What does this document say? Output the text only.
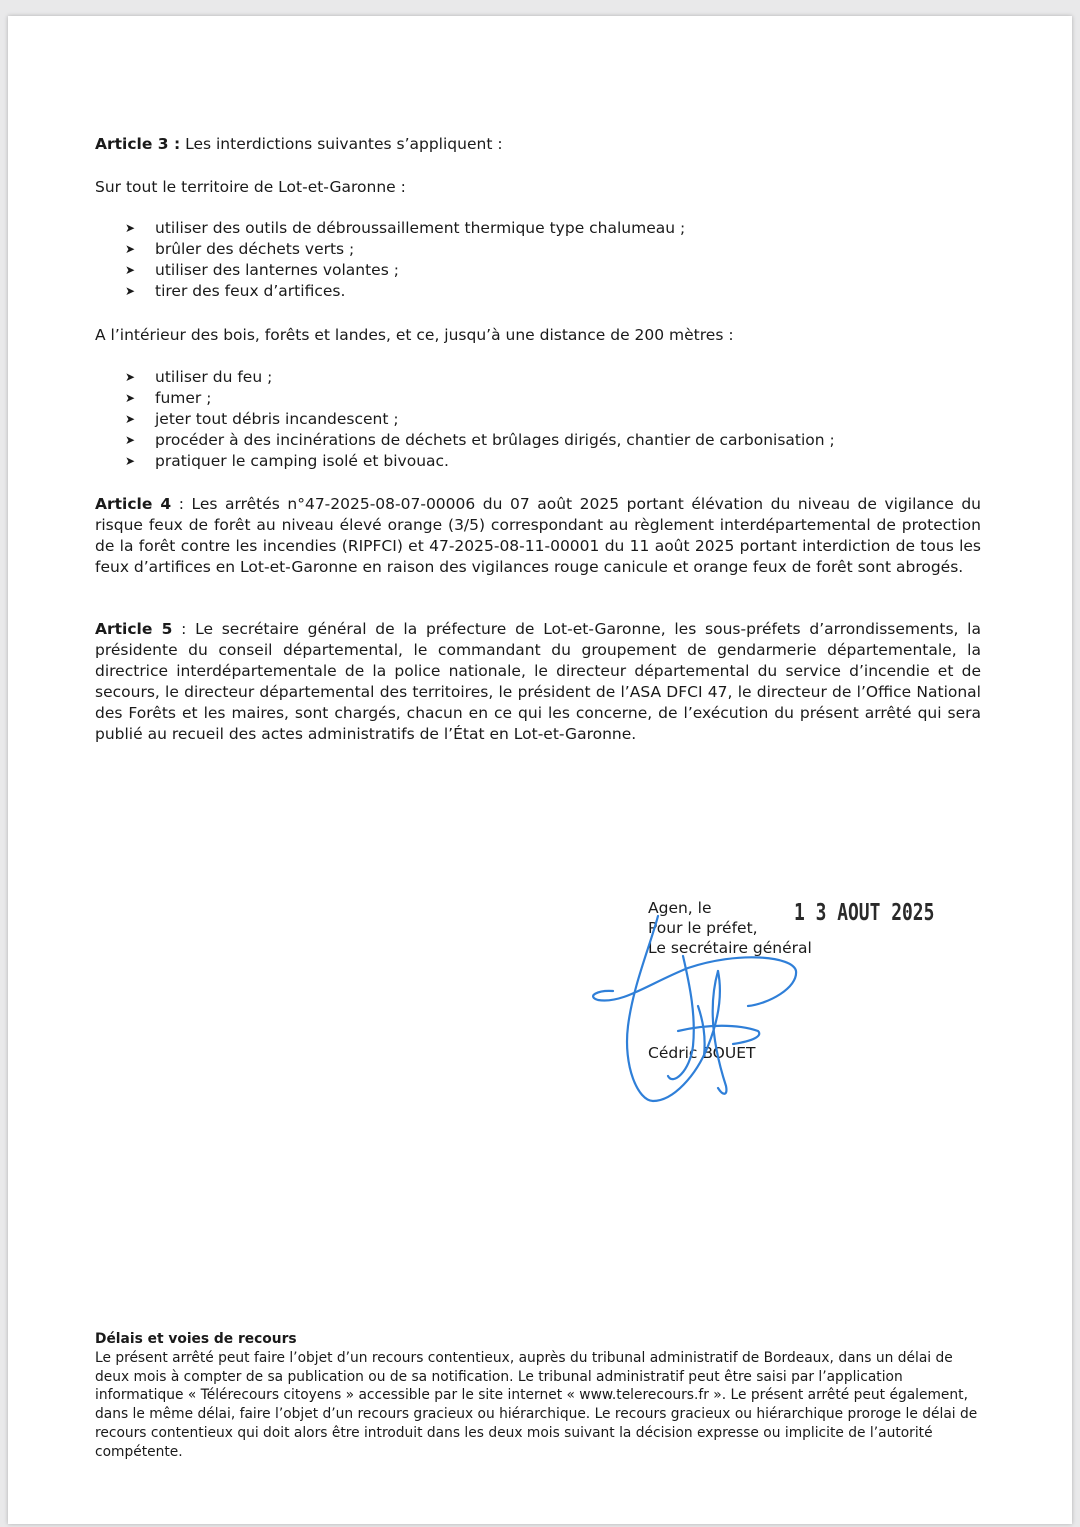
Article 3 : Les interdictions suivantes s’appliquent :
Sur tout le territoire de Lot-et-Garonne :
➤ utiliser des outils de débroussaillement thermique type chalumeau ;
➤ brûler des déchets verts ;
➤ utiliser des lanternes volantes ;
➤ tirer des feux d’artifices.
A l’intérieur des bois, forêts et landes, et ce, jusqu’à une distance de 200 mètres :
➤ utiliser du feu ;
➤ fumer ;
➤ jeter tout débris incandescent ;
➤ procéder à des incinérations de déchets et brûlages dirigés, chantier de carbonisation ;
➤ pratiquer le camping isolé et bivouac.

Article 4 : Les arrêtés n°47-2025-08-07-00006 du 07 août 2025 portant élévation du niveau de vigilance du risque feux de forêt au niveau élevé orange (3/5) correspondant au règlement interdépartemental de protection de la forêt contre les incendies (RIPFCI) et 47-2025-08-11-00001 du 11 août 2025 portant interdiction de tous les feux d’artifices en Lot-et-Garonne en raison des vigilances rouge canicule et orange feux de forêt sont abrogés.

Article 5 : Le secrétaire général de la préfecture de Lot-et-Garonne, les sous-préfets d’arrondissements, la présidente du conseil départemental, le commandant du groupement de gendarmerie départementale, la directrice interdépartementale de la police nationale, le directeur départemental du service d’incendie et de secours, le directeur départemental des territoires, le président de l’ASA DFCI 47, le directeur de l’Office National des Forêts et les maires, sont chargés, chacun en ce qui les concerne, de l’exécution du présent arrêté qui sera publié au recueil des actes administratifs de l’État en Lot-et-Garonne.

Agen, le
Pour le préfet,
Le secrétaire général
1 3 AOUT 2025
Cédric BOUET
Délais et voies de recours

Le présent arrêté peut faire l’objet d’un recours contentieux, auprès du tribunal administratif de Bordeaux, dans un délai de deux mois à compter de sa publication ou de sa notification. Le tribunal administratif peut être saisi par l’application informatique « Télérecours citoyens » accessible par le site internet « www.telerecours.fr ». Le présent arrêté peut également, dans le même délai, faire l’objet d’un recours gracieux ou hiérarchique. Le recours gracieux ou hiérarchique proroge le délai de recours contentieux qui doit alors être introduit dans les deux mois suivant la décision expresse ou implicite de l’autorité compétente.
